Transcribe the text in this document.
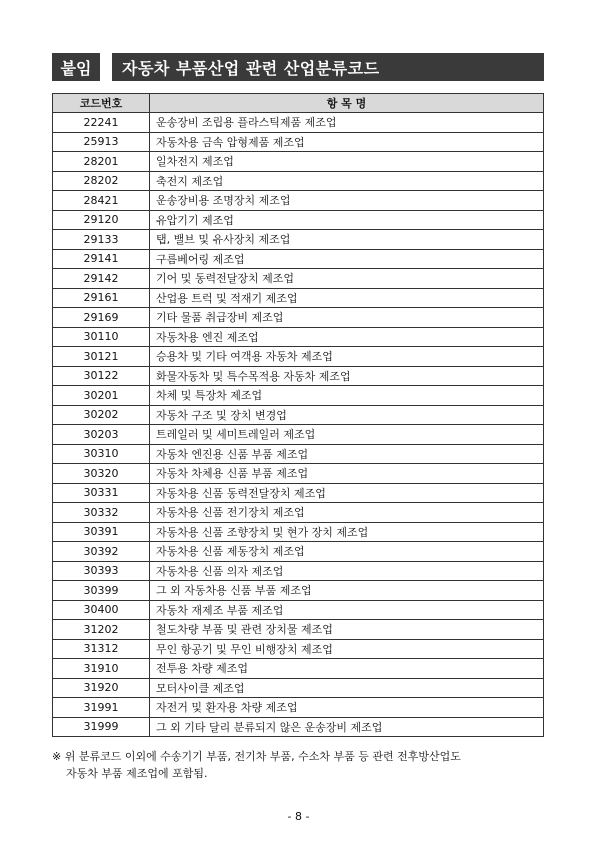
붙임	자동차 부품산업 관련 산업분류코드
코드번호	항 목 명
22241	운송장비 조립용 플라스틱제품 제조업
25913	자동차용 금속 압형제품 제조업
28201	일차전지 제조업
28202	축전지 제조업
28421	운송장비용 조명장치 제조업
29120	유압기기 제조업
29133	탭, 밸브 및 유사장치 제조업
29141	구름베어링 제조업
29142	기어 및 동력전달장치 제조업
29161	산업용 트럭 및 적재기 제조업
29169	기타 물품 취급장비 제조업
30110	자동차용 엔진 제조업
30121	승용차 및 기타 여객용 자동차 제조업
30122	화물자동차 및 특수목적용 자동차 제조업
30201	차체 및 특장차 제조업
30202	자동차 구조 및 장치 변경업
30203	트레일러 및 세미트레일러 제조업
30310	자동차 엔진용 신품 부품 제조업
30320	자동차 차체용 신품 부품 제조업
30331	자동차용 신품 동력전달장치 제조업
30332	자동차용 신품 전기장치 제조업
30391	자동차용 신품 조향장치 및 현가 장치 제조업
30392	자동차용 신품 제동장치 제조업
30393	자동차용 신품 의자 제조업
30399	그 외 자동차용 신품 부품 제조업
30400	자동차 재제조 부품 제조업
31202	철도차량 부품 및 관련 장치물 제조업
31312	무인 항공기 및 무인 비행장치 제조업
31910	전투용 차량 제조업
31920	모터사이클 제조업
31991	자전거 및 환자용 차량 제조업
31999	그 외 기타 달리 분류되지 않은 운송장비 제조업
※ 위 분류코드 이외에 수송기기 부품, 전기차 부품, 수소차 부품 등 관련 전후방산업도
자동차 부품 제조업에 포함됨.
- 8 -
